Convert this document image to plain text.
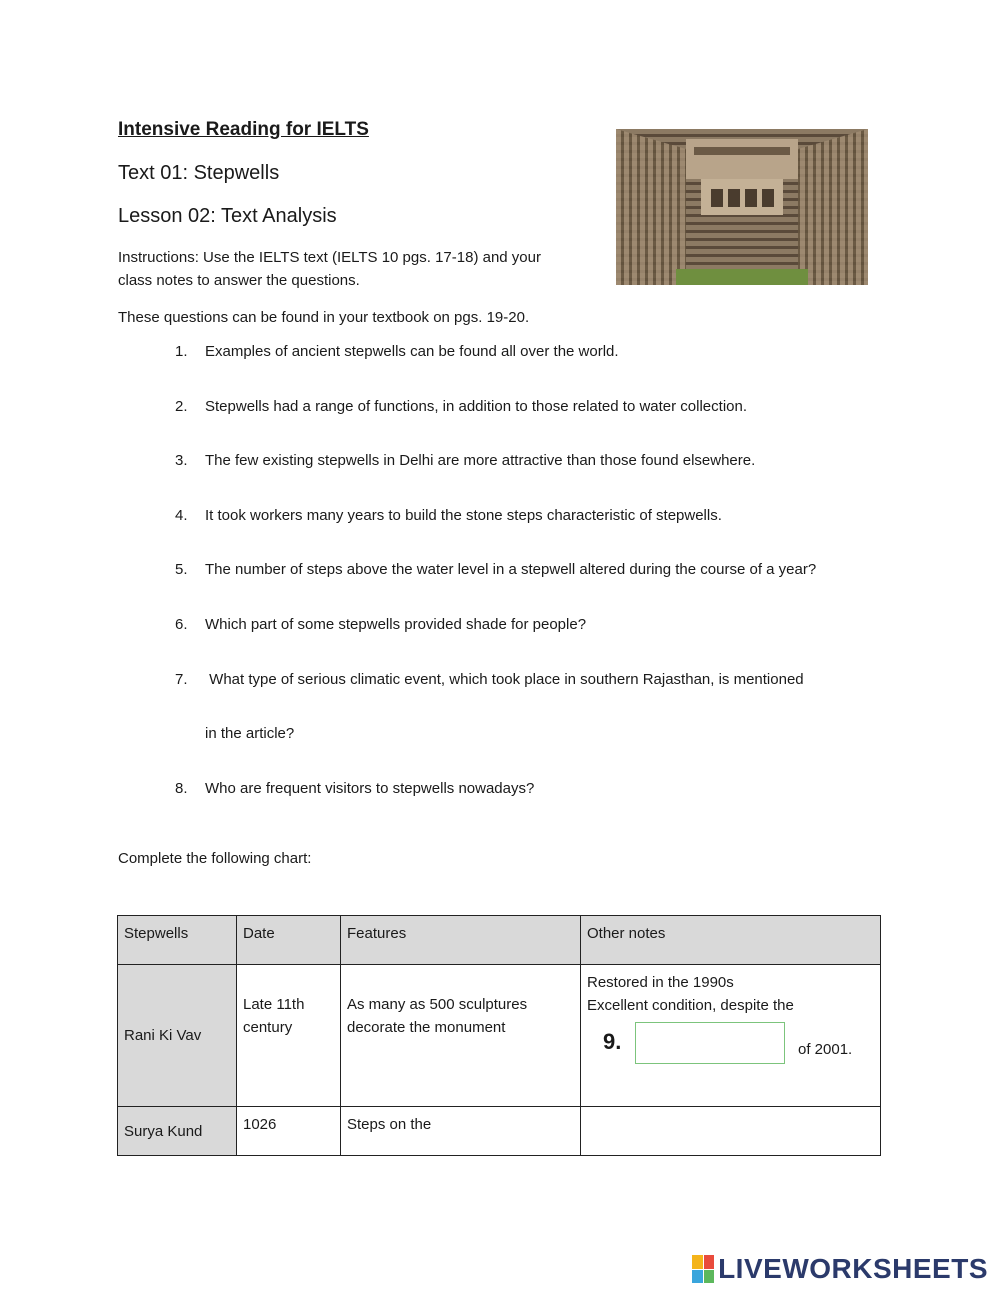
Intensive Reading for IELTS
Text 01: Stepwells
Lesson 02: Text Analysis
Instructions: Use the IELTS text (IELTS 10 pgs. 17-18) and your
class notes to answer the questions.
These questions can be found in your textbook on pgs. 19-20.
1. Examples of ancient stepwells can be found all over the world.
2. Stepwells had a range of functions, in addition to those related to water collection.
3. The few existing stepwells in Delhi are more attractive than those found elsewhere.
4. It took workers many years to build the stone steps characteristic of stepwells.
5. The number of steps above the water level in a stepwell altered during the course of a year?
6. Which part of some stepwells provided shade for people?
7. What type of serious climatic event, which took place in southern Rajasthan, is mentioned
in the article?
8. Who are frequent visitors to stepwells nowadays?
Complete the following chart:
Stepwells	Date	Features	Other notes
Rani Ki Vav	Late 11th century	As many as 500 sculptures decorate the monument	Restored in the 1990s
Excellent condition, despite the
9. of 2001.

Surya Kund	1026	Steps on the	
LIVEWORKSHEETS
